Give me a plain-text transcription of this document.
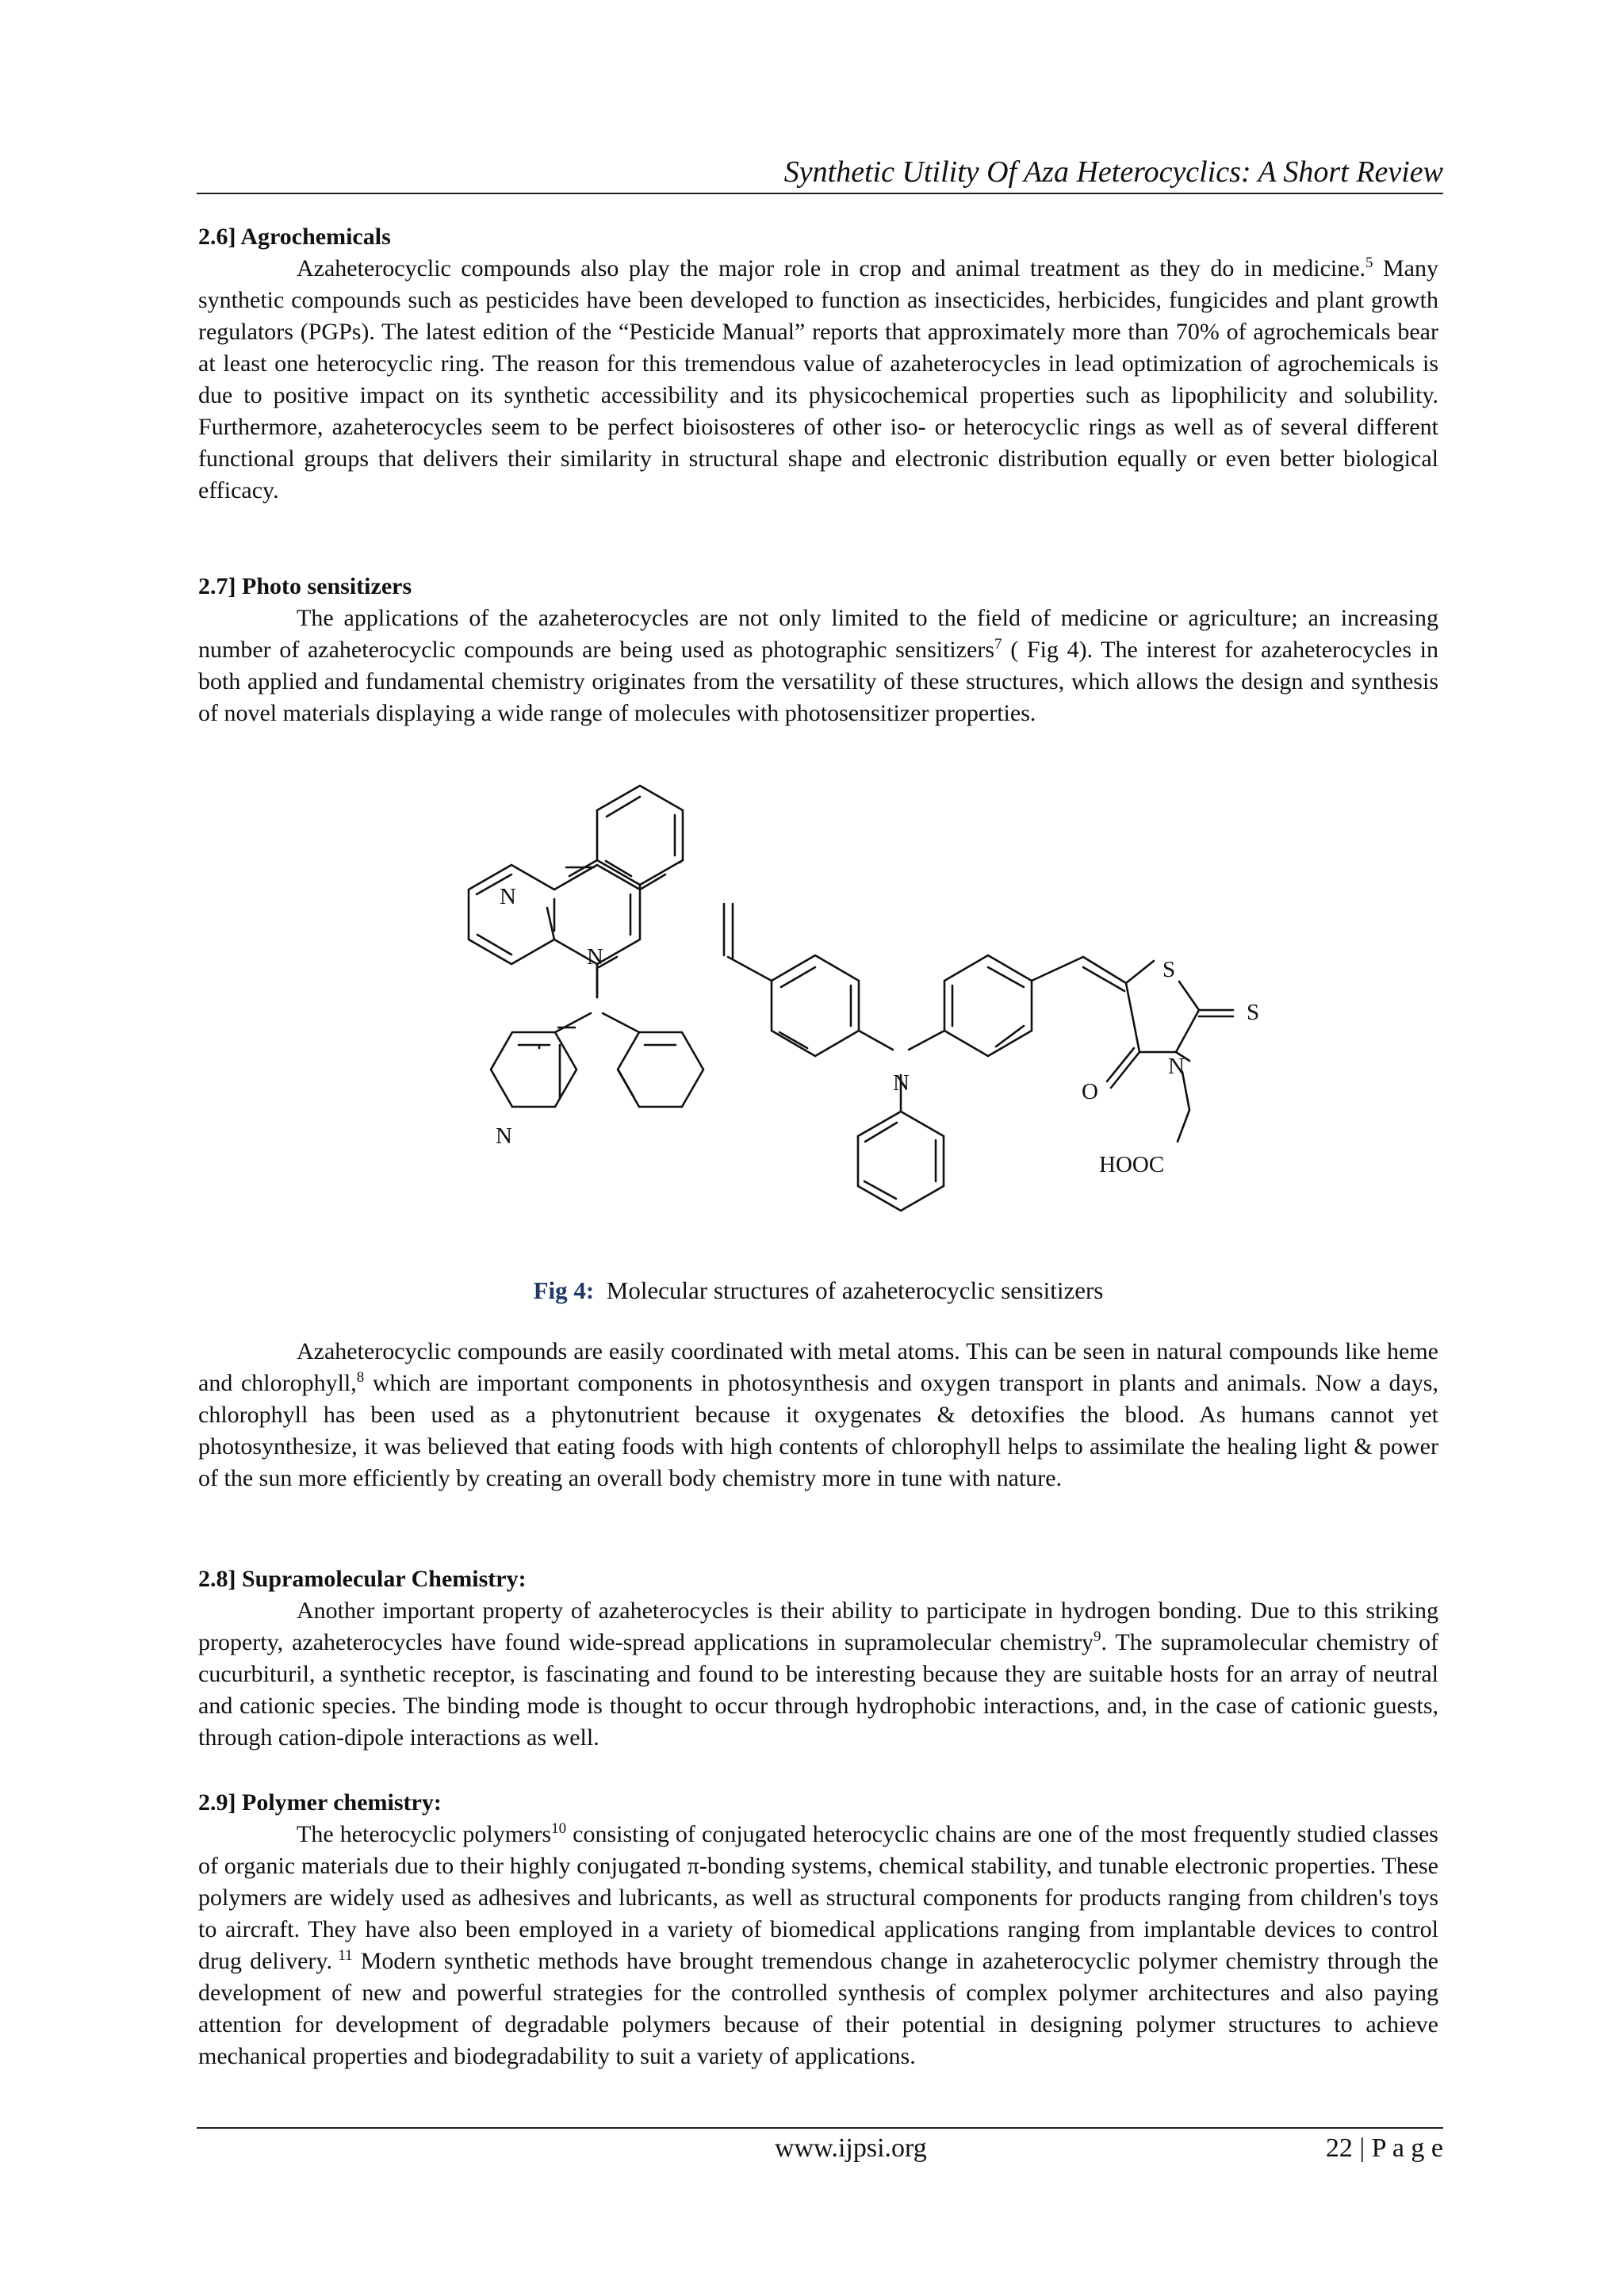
Synthetic Utility Of Aza Heterocyclics: A Short Review

2.6] Agrochemicals

Azaheterocyclic compounds also play the major role in crop and animal treatment as they do in medicine.$^5$ Many synthetic compounds such as pesticides have been developed to function as insecticides, herbicides, fungicides and plant growth regulators (PGPs). The latest edition of the “Pesticide Manual” reports that approximately more than 70% of agrochemicals bear at least one heterocyclic ring. The reason for this tremendous value of azaheterocycles in lead optimization of agrochemicals is due to positive impact on its synthetic accessibility and its physicochemical properties such as lipophilicity and solubility. Furthermore, azaheterocycles seem to be perfect bioisosteres of other iso- or heterocyclic rings as well as of several different functional groups that delivers their similarity in structural shape and electronic distribution equally or even better biological efficacy.

2.7] Photo sensitizers

The applications of the azaheterocycles are not only limited to the field of medicine or agriculture; an increasing number of azaheterocyclic compounds are being used as photographic sensitizers$^7$ ( Fig 4). The interest for azaheterocycles in both applied and fundamental chemistry originates from the versatility of these structures, which allows the design and synthesis of novel materials displaying a wide range of molecules with photosensitizer properties.

N
N
N
N
S
S
N
O
HOOC
Fig 4: Molecular structures of azaheterocyclic sensitizers

Azaheterocyclic compounds are easily coordinated with metal atoms. This can be seen in natural compounds like heme and chlorophyll,$^8$ which are important components in photosynthesis and oxygen transport in plants and animals. Now a days, chlorophyll has been used as a phytonutrient because it oxygenates & detoxifies the blood. As humans cannot yet photosynthesize, it was believed that eating foods with high contents of chlorophyll helps to assimilate the healing light & power of the sun more efficiently by creating an overall body chemistry more in tune with nature.

2.8] Supramolecular Chemistry:

Another important property of azaheterocycles is their ability to participate in hydrogen bonding. Due to this striking property, azaheterocycles have found wide-spread applications in supramolecular chemistry$^9$. The supramolecular chemistry of cucurbituril, a synthetic receptor, is fascinating and found to be interesting because they are suitable hosts for an array of neutral and cationic species. The binding mode is thought to occur through hydrophobic interactions, and, in the case of cationic guests, through cation-dipole interactions as well.

2.9] Polymer chemistry:

The heterocyclic polymers$^{10}$ consisting of conjugated heterocyclic chains are one of the most frequently studied classes of organic materials due to their highly conjugated π-bonding systems, chemical stability, and tunable electronic properties. These polymers are widely used as adhesives and lubricants, as well as structural components for products ranging from children's toys to aircraft. They have also been employed in a variety of biomedical applications ranging from implantable devices to control drug delivery. $^{11}$ Modern synthetic methods have brought tremendous change in azaheterocyclic polymer chemistry through the development of new and powerful strategies for the controlled synthesis of complex polymer architectures and also paying attention for development of degradable polymers because of their potential in designing polymer structures to achieve mechanical properties and biodegradability to suit a variety of applications.

www.ijpsi.org	22 | P a g e
